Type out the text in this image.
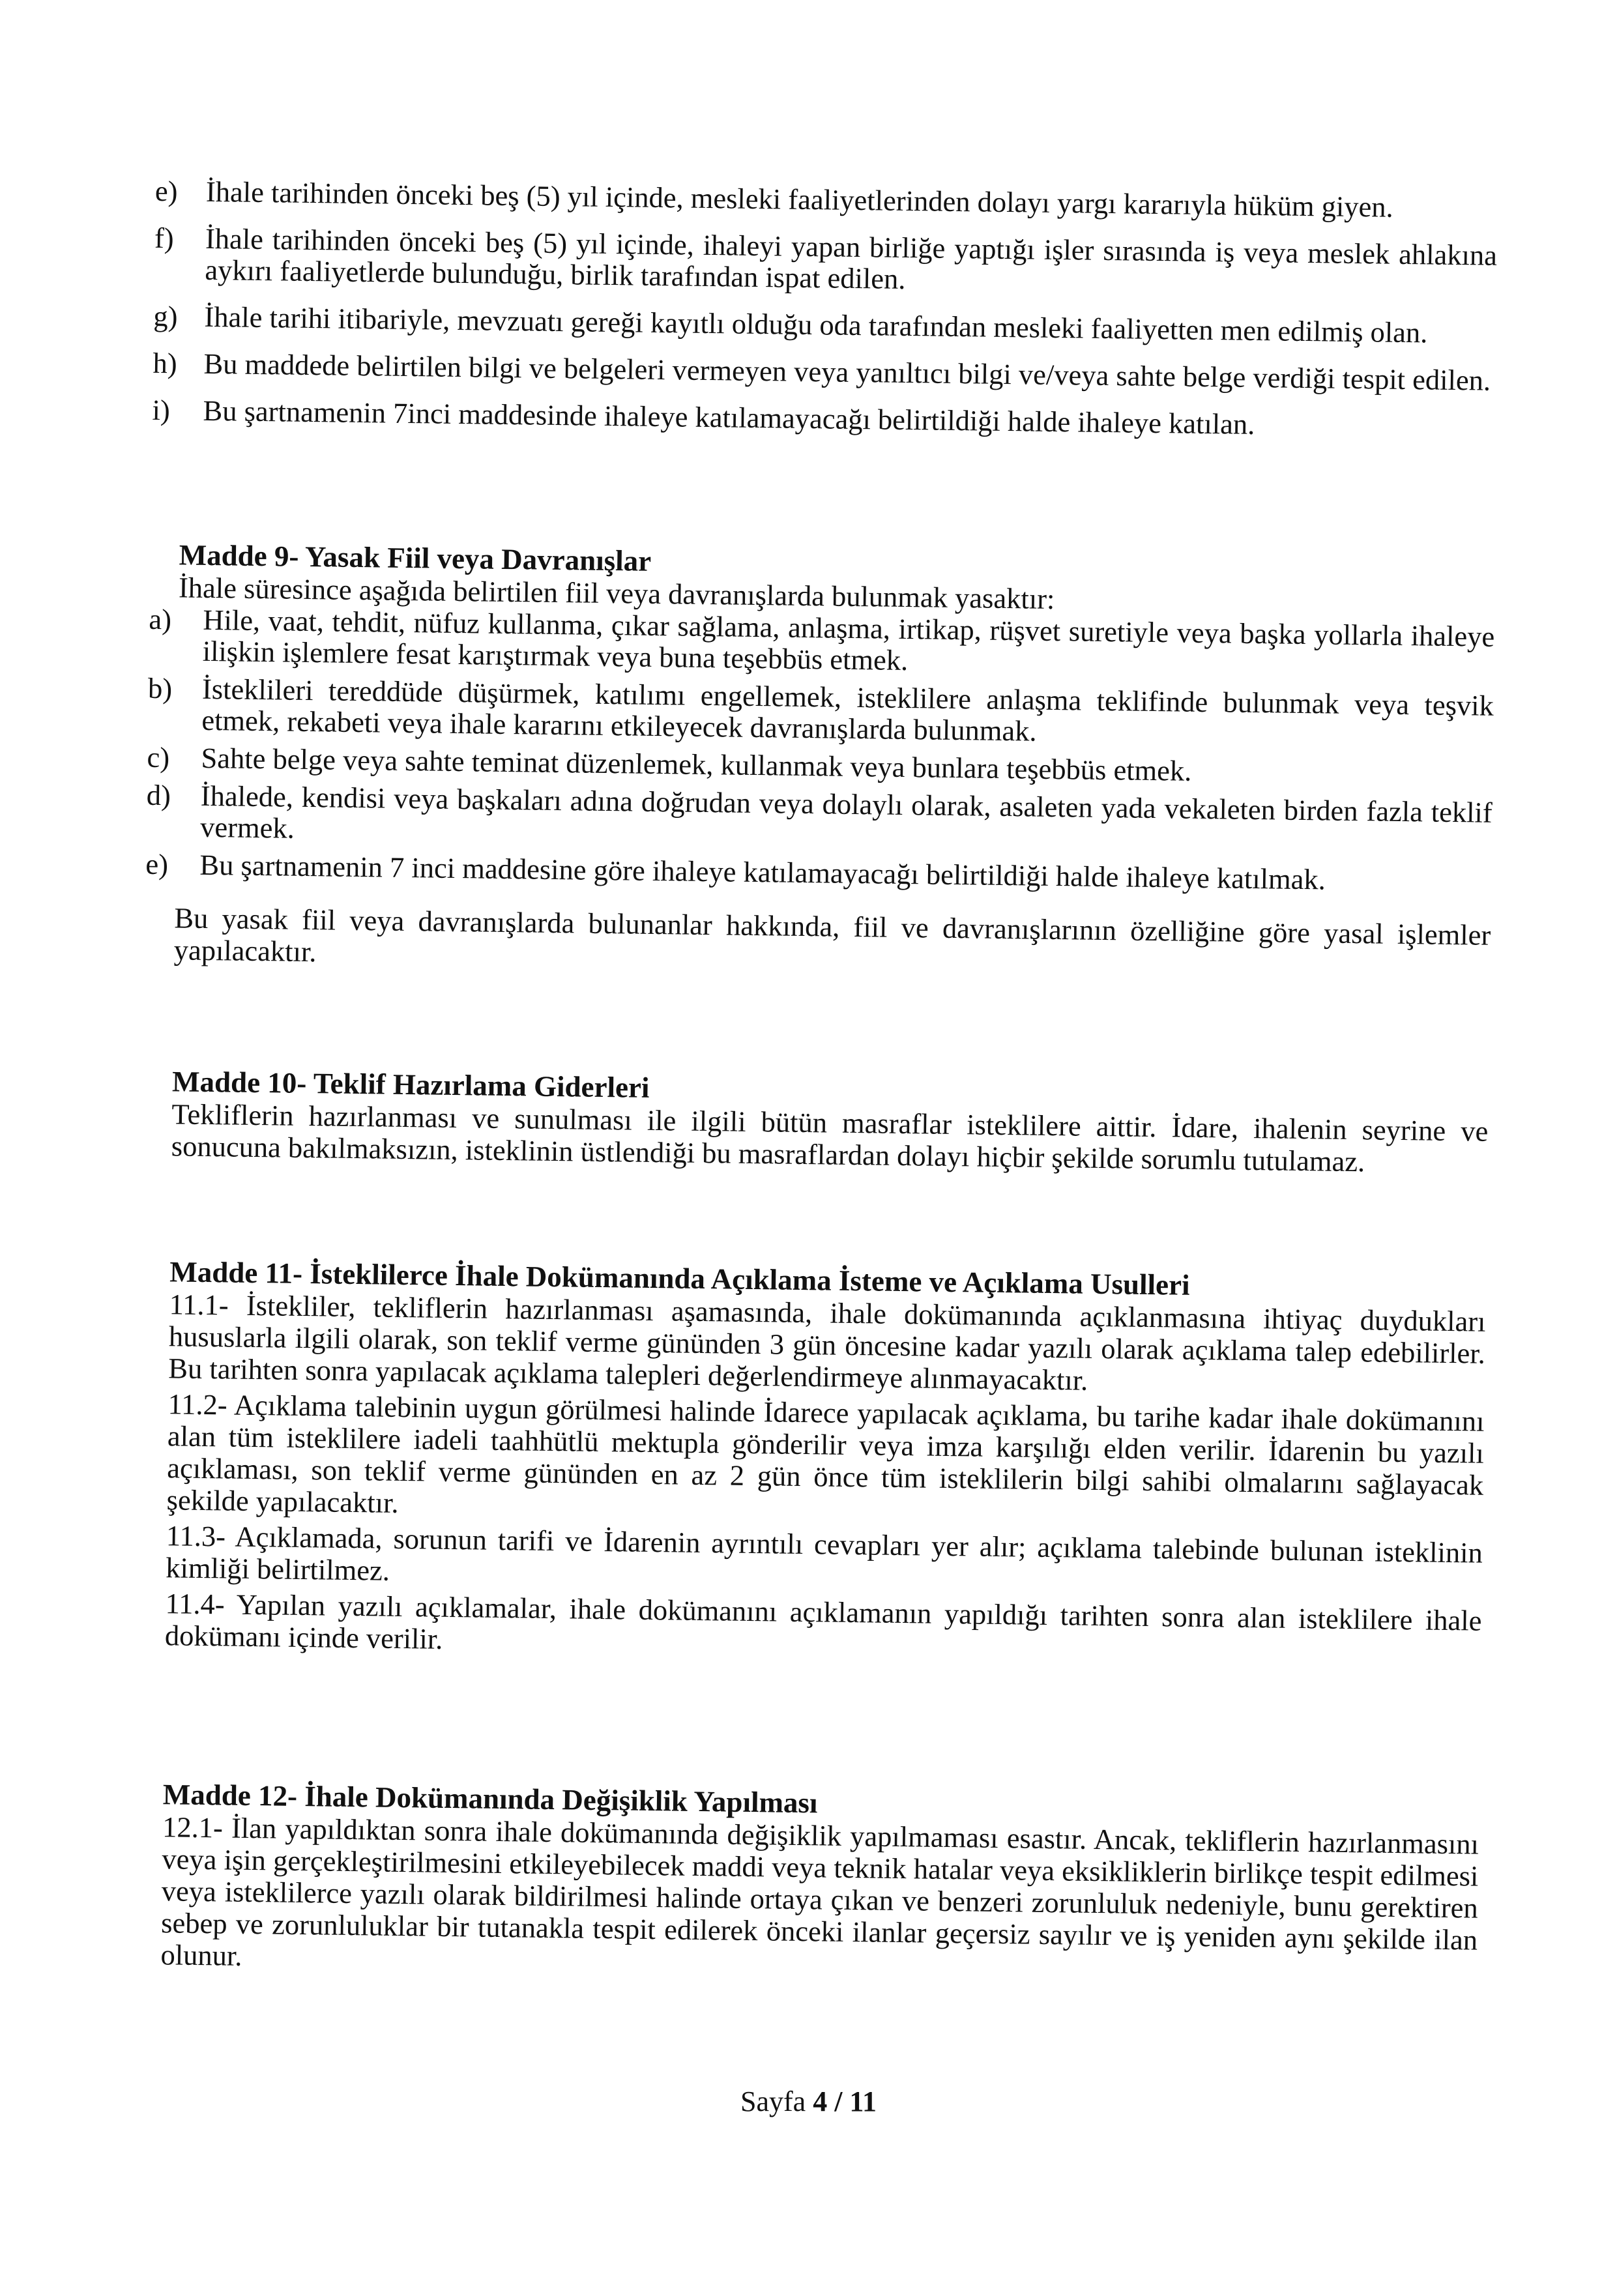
e) İhale tarihinden önceki beş (5) yıl içinde, mesleki faaliyetlerinden dolayı yargı kararıyla hüküm giyen.
f) İhale tarihinden önceki beş (5) yıl içinde, ihaleyi yapan birliğe yaptığı işler sırasında iş veya meslek ahlakına aykırı faaliyetlerde bulunduğu, birlik tarafından ispat edilen.
g) İhale tarihi itibariyle, mevzuatı gereği kayıtlı olduğu oda tarafından mesleki faaliyetten men edilmiş olan.
h) Bu maddede belirtilen bilgi ve belgeleri vermeyen veya yanıltıcı bilgi ve/veya sahte belge verdiği tespit edilen.
i) Bu şartnamenin 7inci maddesinde ihaleye katılamayacağı belirtildiği halde ihaleye katılan.
Madde 9- Yasak Fiil veya Davranışlar
İhale süresince aşağıda belirtilen fiil veya davranışlarda bulunmak yasaktır:
a) Hile, vaat, tehdit, nüfuz kullanma, çıkar sağlama, anlaşma, irtikap, rüşvet suretiyle veya başka yollarla ihaleye ilişkin işlemlere fesat karıştırmak veya buna teşebbüs etmek.
b) İsteklileri tereddüde düşürmek, katılımı engellemek, isteklilere anlaşma teklifinde bulunmak veya teşvik etmek, rekabeti veya ihale kararını etkileyecek davranışlarda bulunmak.
c) Sahte belge veya sahte teminat düzenlemek, kullanmak veya bunlara teşebbüs etmek.
d) İhalede, kendisi veya başkaları adına doğrudan veya dolaylı olarak, asaleten yada vekaleten birden fazla teklif vermek.
e) Bu şartnamenin 7 inci maddesine göre ihaleye katılamayacağı belirtildiği halde ihaleye katılmak.
Bu yasak fiil veya davranışlarda bulunanlar hakkında, fiil ve davranışlarının özelliğine göre yasal işlemler yapılacaktır.
Madde 10- Teklif Hazırlama Giderleri
Tekliflerin hazırlanması ve sunulması ile ilgili bütün masraflar isteklilere aittir. İdare, ihalenin seyrine ve sonucuna bakılmaksızın, isteklinin üstlendiği bu masraflardan dolayı hiçbir şekilde sorumlu tutulamaz.
Madde 11- İsteklilerce İhale Dokümanında Açıklama İsteme ve Açıklama Usulleri
11.1- İstekliler, tekliflerin hazırlanması aşamasında, ihale dokümanında açıklanmasına ihtiyaç duydukları hususlarla ilgili olarak, son teklif verme gününden 3 gün öncesine kadar yazılı olarak açıklama talep edebilirler. Bu tarihten sonra yapılacak açıklama talepleri değerlendirmeye alınmayacaktır.
11.2- Açıklama talebinin uygun görülmesi halinde İdarece yapılacak açıklama, bu tarihe kadar ihale dokümanını alan tüm isteklilere iadeli taahhütlü mektupla gönderilir veya imza karşılığı elden verilir. İdarenin bu yazılı açıklaması, son teklif verme gününden en az 2 gün önce tüm isteklilerin bilgi sahibi olmalarını sağlayacak şekilde yapılacaktır.
11.3- Açıklamada, sorunun tarifi ve İdarenin ayrıntılı cevapları yer alır; açıklama talebinde bulunan isteklinin kimliği belirtilmez.
11.4- Yapılan yazılı açıklamalar, ihale dokümanını açıklamanın yapıldığı tarihten sonra alan isteklilere ihale dokümanı içinde verilir.
Madde 12- İhale Dokümanında Değişiklik Yapılması
12.1- İlan yapıldıktan sonra ihale dokümanında değişiklik yapılmaması esastır. Ancak, tekliflerin hazırlanmasını veya işin gerçekleştirilmesini etkileyebilecek maddi veya teknik hatalar veya eksikliklerin birlikçe tespit edilmesi veya isteklilerce yazılı olarak bildirilmesi halinde ortaya çıkan ve benzeri zorunluluk nedeniyle, bunu gerektiren sebep ve zorunluluklar bir tutanakla tespit edilerek önceki ilanlar geçersiz sayılır ve iş yeniden aynı şekilde ilan olunur.
Sayfa 4 / 11
